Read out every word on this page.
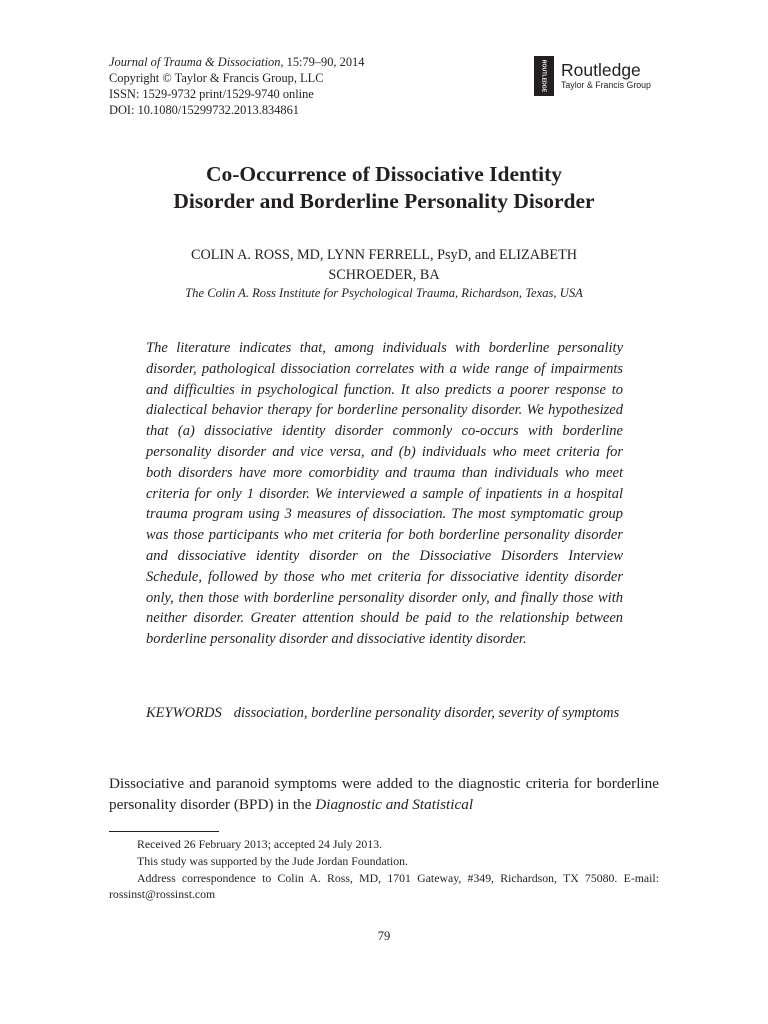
Journal of Trauma & Dissociation, 15:79–90, 2014
Copyright © Taylor & Francis Group, LLC
ISSN: 1529-9732 print/1529-9740 online
DOI: 10.1080/15299732.2013.834861
ROUTLEDGE Routledge
Taylor & Francis Group
Co-Occurrence of Dissociative Identity
Disorder and Borderline Personality Disorder
COLIN A. ROSS, MD, LYNN FERRELL, PsyD, and ELIZABETH
SCHROEDER, BA
The Colin A. Ross Institute for Psychological Trauma, Richardson, Texas, USA

The literature indicates that, among individuals with borderline personality disorder, pathological dissociation correlates with a wide range of impairments and difficulties in psychological function. It also predicts a poorer response to dialectical behavior therapy for borderline personality disorder. We hypothesized that (a) dissociative identity disorder commonly co-occurs with borderline personality disorder and vice versa, and (b) individuals who meet criteria for both disorders have more comorbidity and trauma than individuals who meet criteria for only 1 disorder. We interviewed a sample of inpatients in a hospital trauma program using 3 measures of dissociation. The most symptomatic group was those participants who met criteria for both borderline personality disorder and dissociative identity disorder on the Dissociative Disorders Interview Schedule, followed by those who met criteria for dissociative identity disorder only, then those with borderline personality disorder only, and finally those with neither disorder. Greater attention should be paid to the relationship between borderline personality disorder and dissociative identity disorder.

KEYWORDS dissociation, borderline personality disorder, severity of symptoms

Dissociative and paranoid symptoms were added to the diagnostic criteria for borderline personality disorder (BPD) in the Diagnostic and Statistical

Received 26 February 2013; accepted 24 July 2013.

This study was supported by the Jude Jordan Foundation.

Address correspondence to Colin A. Ross, MD, 1701 Gateway, #349, Richardson, TX 75080. E-mail: rossinst@rossinst.com

79
